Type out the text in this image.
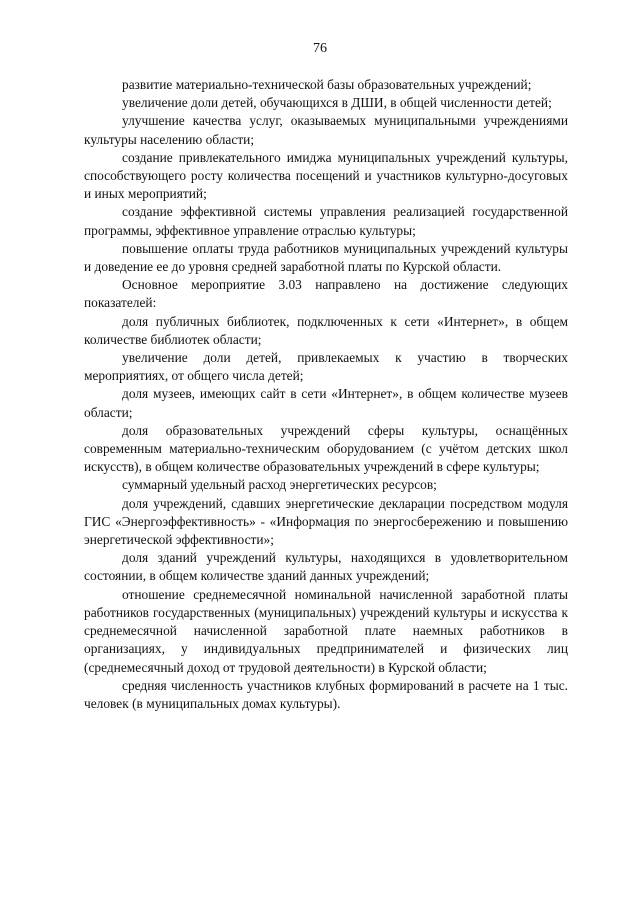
76

развитие материально-технической базы образовательных учреждений;

увеличение доли детей, обучающихся в ДШИ, в общей численности детей;

улучшение качества услуг, оказываемых муниципальными учреждениями культуры населению области;

создание привлекательного имиджа муниципальных учреждений культуры, способствующего росту количества посещений и участников культурно-досуговых и иных мероприятий;

создание эффективной системы управления реализацией государственной программы, эффективное управление отраслью культуры;

повышение оплаты труда работников муниципальных учреждений культуры и доведение ее до уровня средней заработной платы по Курской области.

Основное мероприятие 3.03 направлено на достижение следующих показателей:

доля публичных библиотек, подключенных к сети «Интернет», в общем количестве библиотек области;

увеличение доли детей, привлекаемых к участию в творческих мероприятиях, от общего числа детей;

доля музеев, имеющих сайт в сети «Интернет», в общем количестве музеев области;

доля образовательных учреждений сферы культуры, оснащённых современным материально-техническим оборудованием (с учётом детских школ искусств), в общем количестве образовательных учреждений в сфере культуры;

суммарный удельный расход энергетических ресурсов;

доля учреждений, сдавших энергетические декларации посредством модуля ГИС «Энергоэффективность» - «Информация по энергосбережению и повышению энергетической эффективности»;

доля зданий учреждений культуры, находящихся в удовлетворительном состоянии, в общем количестве зданий данных учреждений;

отношение среднемесячной номинальной начисленной заработной платы работников государственных (муниципальных) учреждений культуры и искусства к среднемесячной начисленной заработной плате наемных работников в организациях, у индивидуальных предпринимателей и физических лиц (среднемесячный доход от трудовой деятельности) в Курской области;

средняя численность участников клубных формирований в расчете на 1 тыс. человек (в муниципальных домах культуры).
